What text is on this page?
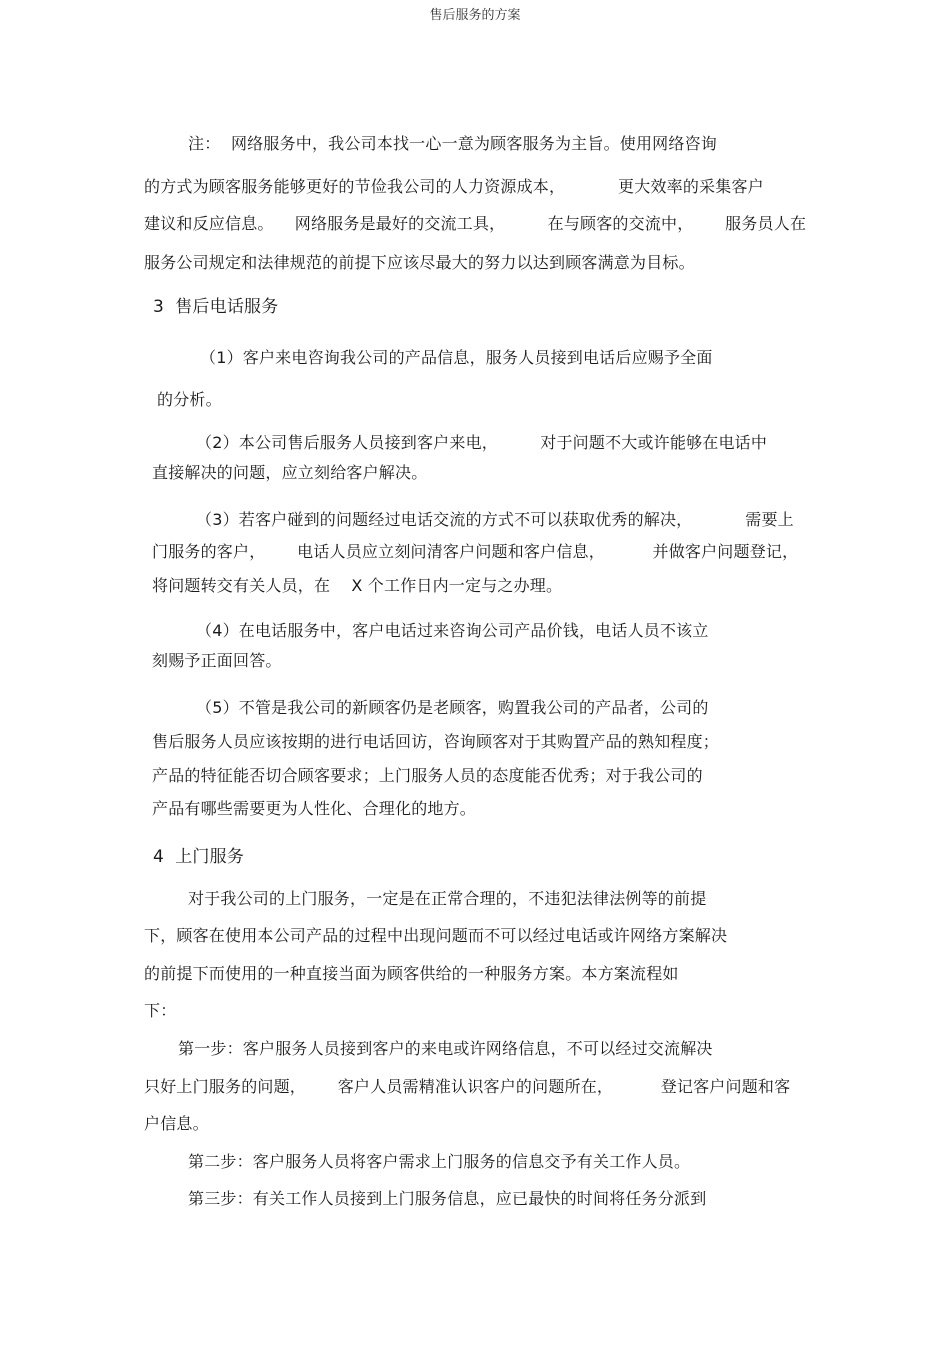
售后服务的方案
注：  网络服务中，我公司本找一心一意为顾客服务为主旨。使用网络咨询
的方式为顾客服务能够更好的节俭我公司的人力资源成本，          更大效率的采集客户
建议和反应信息。    网络服务是最好的交流工具，        在与顾客的交流中，      服务员人在
服务公司规定和法律规范的前提下应该尽最大的努力以达到顾客满意为目标。
3  售后电话服务
（1）客户来电咨询我公司的产品信息，服务人员接到电话后应赐予全面
的分析。
（2）本公司售后服务人员接到客户来电，        对于问题不大或许能够在电话中
直接解决的问题，应立刻给客户解决。
（3）若客户碰到的问题经过电话交流的方式不可以获取优秀的解决，          需要上
门服务的客户，      电话人员应立刻问清客户问题和客户信息，         并做客户问题登记，
将问题转交有关人员，在    X 个工作日内一定与之办理。
（4）在电话服务中，客户电话过来咨询公司产品价钱，电话人员不该立
刻赐予正面回答。
（5）不管是我公司的新顾客仍是老顾客，购置我公司的产品者，公司的
售后服务人员应该按期的进行电话回访，咨询顾客对于其购置产品的熟知程度；
产品的特征能否切合顾客要求；上门服务人员的态度能否优秀；对于我公司的
产品有哪些需要更为人性化、合理化的地方。
4  上门服务
对于我公司的上门服务，一定是在正常合理的，不违犯法律法例等的前提
下，顾客在使用本公司产品的过程中出现问题而不可以经过电话或许网络方案解决
的前提下而使用的一种直接当面为顾客供给的一种服务方案。本方案流程如
下：
第一步：客户服务人员接到客户的来电或许网络信息，不可以经过交流解决
只好上门服务的问题，      客户人员需精准认识客户的问题所在，         登记客户问题和客
户信息。
第二步：客户服务人员将客户需求上门服务的信息交予有关工作人员。
第三步：有关工作人员接到上门服务信息，应已最快的时间将任务分派到
